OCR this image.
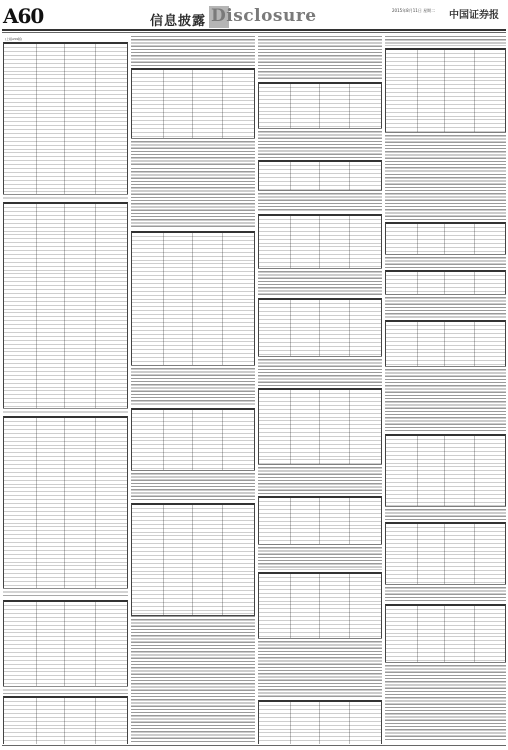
A60	信息披露 Disclosure	2015年8月11日 星期二 中国证券报
(上接A59版)
